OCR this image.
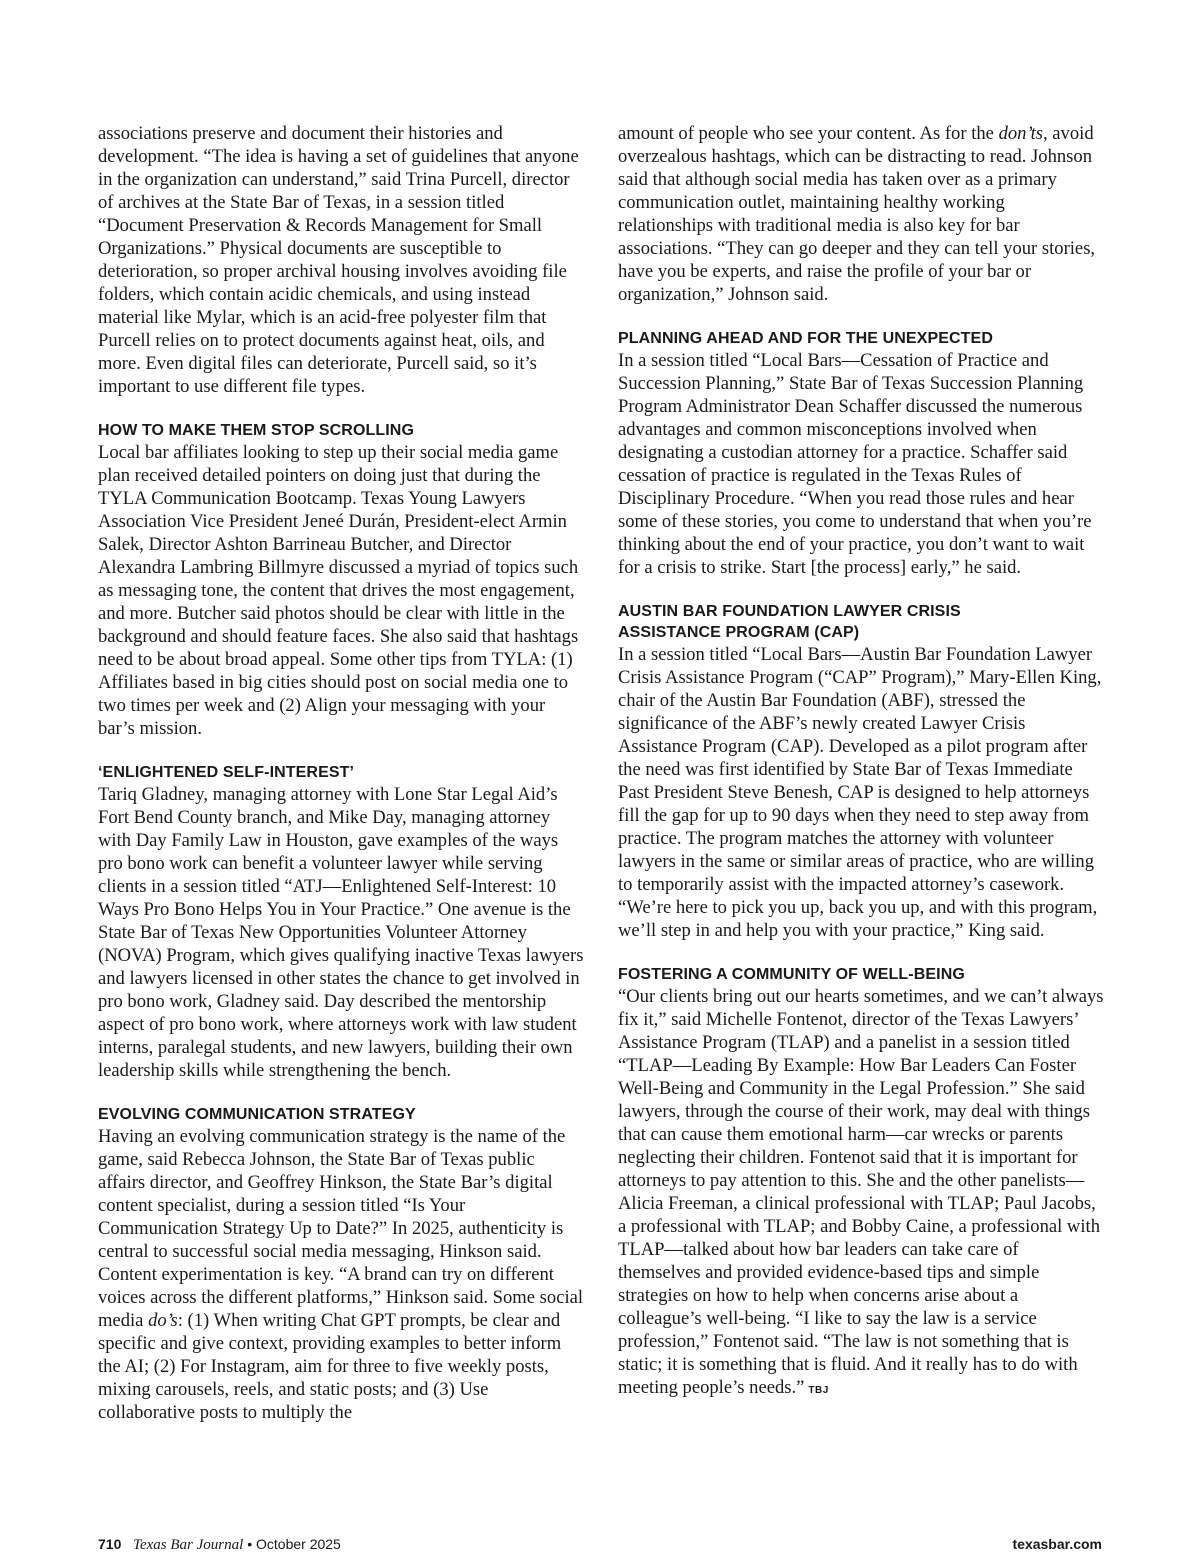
associations preserve and document their histories and development. “The idea is having a set of guidelines that anyone in the organization can understand,” said Trina Purcell, director of archives at the State Bar of Texas, in a session titled “Document Preservation & Records Management for Small Organizations.” Physical documents are susceptible to deterioration, so proper archival housing involves avoiding file folders, which contain acidic chemicals, and using instead material like Mylar, which is an acid-free polyester film that Purcell relies on to protect documents against heat, oils, and more. Even digital files can deteriorate, Purcell said, so it’s important to use different file types.

HOW TO MAKE THEM STOP SCROLLING

Local bar affiliates looking to step up their social media game plan received detailed pointers on doing just that during the TYLA Communication Bootcamp. Texas Young Lawyers Association Vice President Jeneé Durán, President-elect Armin Salek, Director Ashton Barrineau Butcher, and Director Alexandra Lambring Billmyre discussed a myriad of topics such as messaging tone, the content that drives the most engagement, and more. Butcher said photos should be clear with little in the background and should feature faces. She also said that hashtags need to be about broad appeal. Some other tips from TYLA: (1) Affiliates based in big cities should post on social media one to two times per week and (2) Align your messaging with your bar’s mission.

‘ENLIGHTENED SELF-INTEREST’

Tariq Gladney, managing attorney with Lone Star Legal Aid’s Fort Bend County branch, and Mike Day, managing attorney with Day Family Law in Houston, gave examples of the ways pro bono work can benefit a volunteer lawyer while serving clients in a session titled “ATJ—Enlightened Self-Interest: 10 Ways Pro Bono Helps You in Your Practice.” One avenue is the State Bar of Texas New Opportunities Volunteer Attorney (NOVA) Program, which gives qualifying inactive Texas lawyers and lawyers licensed in other states the chance to get involved in pro bono work, Gladney said. Day described the mentorship aspect of pro bono work, where attorneys work with law student interns, paralegal students, and new lawyers, building their own leadership skills while strengthening the bench.

EVOLVING COMMUNICATION STRATEGY

Having an evolving communication strategy is the name of the game, said Rebecca Johnson, the State Bar of Texas public affairs director, and Geoffrey Hinkson, the State Bar’s digital content specialist, during a session titled “Is Your Communication Strategy Up to Date?” In 2025, authenticity is central to successful social media messaging, Hinkson said. Content experimentation is key. “A brand can try on different voices across the different platforms,” Hinkson said. Some social media do’s: (1) When writing Chat GPT prompts, be clear and specific and give context, providing examples to better inform the AI; (2) For Instagram, aim for three to five weekly posts, mixing carousels, reels, and static posts; and (3) Use collaborative posts to multiply the

amount of people who see your content. As for the don’ts, avoid overzealous hashtags, which can be distracting to read. Johnson said that although social media has taken over as a primary communication outlet, maintaining healthy working relationships with traditional media is also key for bar associations. “They can go deeper and they can tell your stories, have you be experts, and raise the profile of your bar or organization,” Johnson said.

PLANNING AHEAD AND FOR THE UNEXPECTED

In a session titled “Local Bars—Cessation of Practice and Succession Planning,” State Bar of Texas Succession Planning Program Administrator Dean Schaffer discussed the numerous advantages and common misconceptions involved when designating a custodian attorney for a practice. Schaffer said cessation of practice is regulated in the Texas Rules of Disciplinary Procedure. “When you read those rules and hear some of these stories, you come to understand that when you’re thinking about the end of your practice, you don’t want to wait for a crisis to strike. Start [the process] early,” he said.

AUSTIN BAR FOUNDATION LAWYER CRISIS
ASSISTANCE PROGRAM (CAP)

In a session titled “Local Bars—Austin Bar Foundation Lawyer Crisis Assistance Program (“CAP” Program),” Mary-Ellen King, chair of the Austin Bar Foundation (ABF), stressed the significance of the ABF’s newly created Lawyer Crisis Assistance Program (CAP). Developed as a pilot program after the need was first identified by State Bar of Texas Immediate Past President Steve Benesh, CAP is designed to help attorneys fill the gap for up to 90 days when they need to step away from practice. The program matches the attorney with volunteer lawyers in the same or similar areas of practice, who are willing to temporarily assist with the impacted attorney’s casework. “We’re here to pick you up, back you up, and with this program, we’ll step in and help you with your practice,” King said.

FOSTERING A COMMUNITY OF WELL-BEING

“Our clients bring out our hearts sometimes, and we can’t always fix it,” said Michelle Fontenot, director of the Texas Lawyers’ Assistance Program (TLAP) and a panelist in a session titled “TLAP—Leading By Example: How Bar Leaders Can Foster Well-Being and Community in the Legal Profession.” She said lawyers, through the course of their work, may deal with things that can cause them emotional harm—car wrecks or parents neglecting their children. Fontenot said that it is important for attorneys to pay attention to this. She and the other panelists—Alicia Freeman, a clinical professional with TLAP; Paul Jacobs, a professional with TLAP; and Bobby Caine, a professional with TLAP—talked about how bar leaders can take care of themselves and provided evidence-based tips and simple strategies on how to help when concerns arise about a colleague’s well-being. “I like to say the law is a service profession,” Fontenot said. “The law is not something that is static; it is something that is fluid. And it really has to do with meeting people’s needs.” TBJ

710 Texas Bar Journal • October 2025	texasbar.com
